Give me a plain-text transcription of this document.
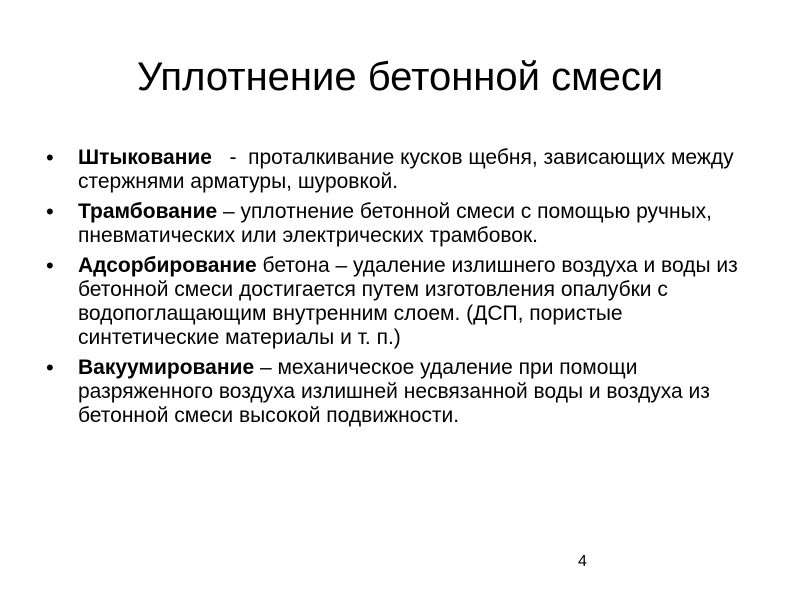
Уплотнение бетонной смеси
• Штыкование   -  проталкивание кусков щебня, зависающих между стержнями арматуры, шуровкой.
• Трамбование – уплотнение бетонной смеси с помощью ручных, пневматических или электрических трамбовок.
• Адсорбирование бетона – удаление излишнего воздуха и воды из бетонной смеси достигается путем изготовления опалубки с водопоглащающим внутренним слоем. (ДСП, пористые синтетические материалы и т. п.)
• Вакуумирование – механическое удаление при помощи разряженного воздуха излишней несвязанной воды и воздуха из бетонной смеси высокой подвижности.
4
